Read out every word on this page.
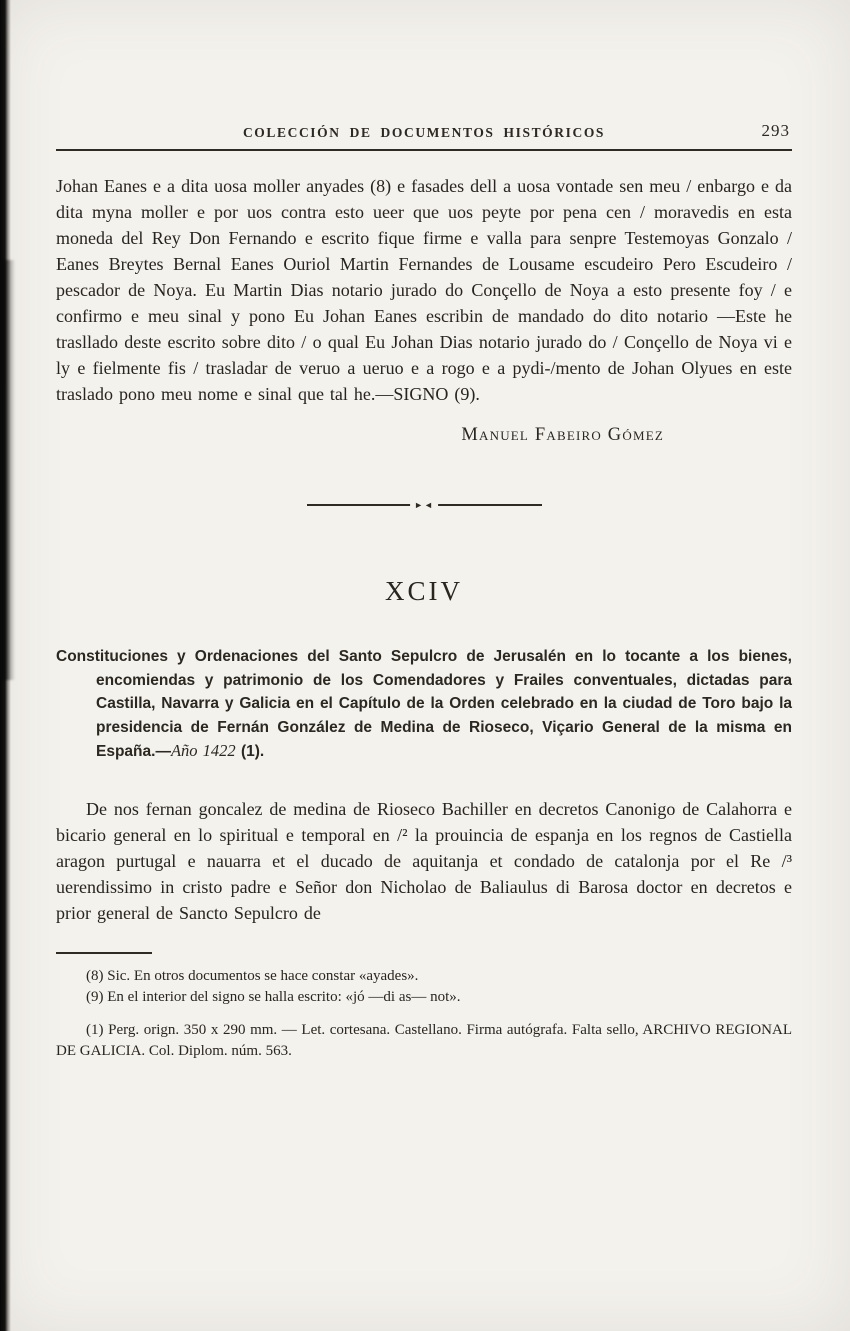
COLECCIÓN DE DOCUMENTOS HISTÓRICOS	293

Johan Eanes e a dita uosa moller anyades (8) e fasades dell a uosa vontade sen meu / enbargo e da dita myna moller e por uos contra esto ueer que uos peyte por pena cen / moravedis en esta moneda del Rey Don Fernando e escrito fique firme e valla para senpre Testemoyas Gonzalo / Eanes Breytes Bernal Eanes Ouriol Martin Fernandes de Lousame escudeiro Pero Escudeiro / pescador de Noya. Eu Martin Dias notario jurado do Conçello de Noya a esto presente foy / e confirmo e meu sinal y pono Eu Johan Eanes escribin de mandado do dito notario —Este he trasllado deste escrito sobre dito / o qual Eu Johan Dias notario jurado do / Conçello de Noya vi e ly e fielmente fis / trasladar de veruo a ueruo e a rogo e a pydi-/mento de Johan Olyues en este traslado pono meu nome e sinal que tal he.—SIGNO (9).

Manuel Fabeiro Gómez
►◄
XCIV

Constituciones y Ordenaciones del Santo Sepulcro de Jerusalén en lo tocante a los bienes, encomiendas y patrimonio de los Comendadores y Frailes conventuales, dictadas para Castilla, Navarra y Galicia en el Capítulo de la Orden celebrado en la ciudad de Toro bajo la presidencia de Fernán González de Medina de Rioseco, Viçario General de la misma en España.—Año 1422 (1).

De nos fernan goncalez de medina de Rioseco Bachiller en decretos Canonigo de Calahorra e bicario general en lo spiritual e temporal en /² la prouincia de espanja en los regnos de Castiella aragon purtugal e nauarra et el ducado de aquitanja et condado de catalonja por el Re /³ uerendissimo in cristo padre e Señor don Nicholao de Baliaulus di Barosa doctor en decretos e prior general de Sancto Sepulcro de

(8) Sic. En otros documentos se hace constar «ayades».

(9) En el interior del signo se halla escrito: «jó —di as— not».

(1) Perg. orign. 350 x 290 mm. — Let. cortesana. Castellano. Firma autógrafa. Falta sello, ARCHIVO REGIONAL DE GALICIA. Col. Diplom. núm. 563.
